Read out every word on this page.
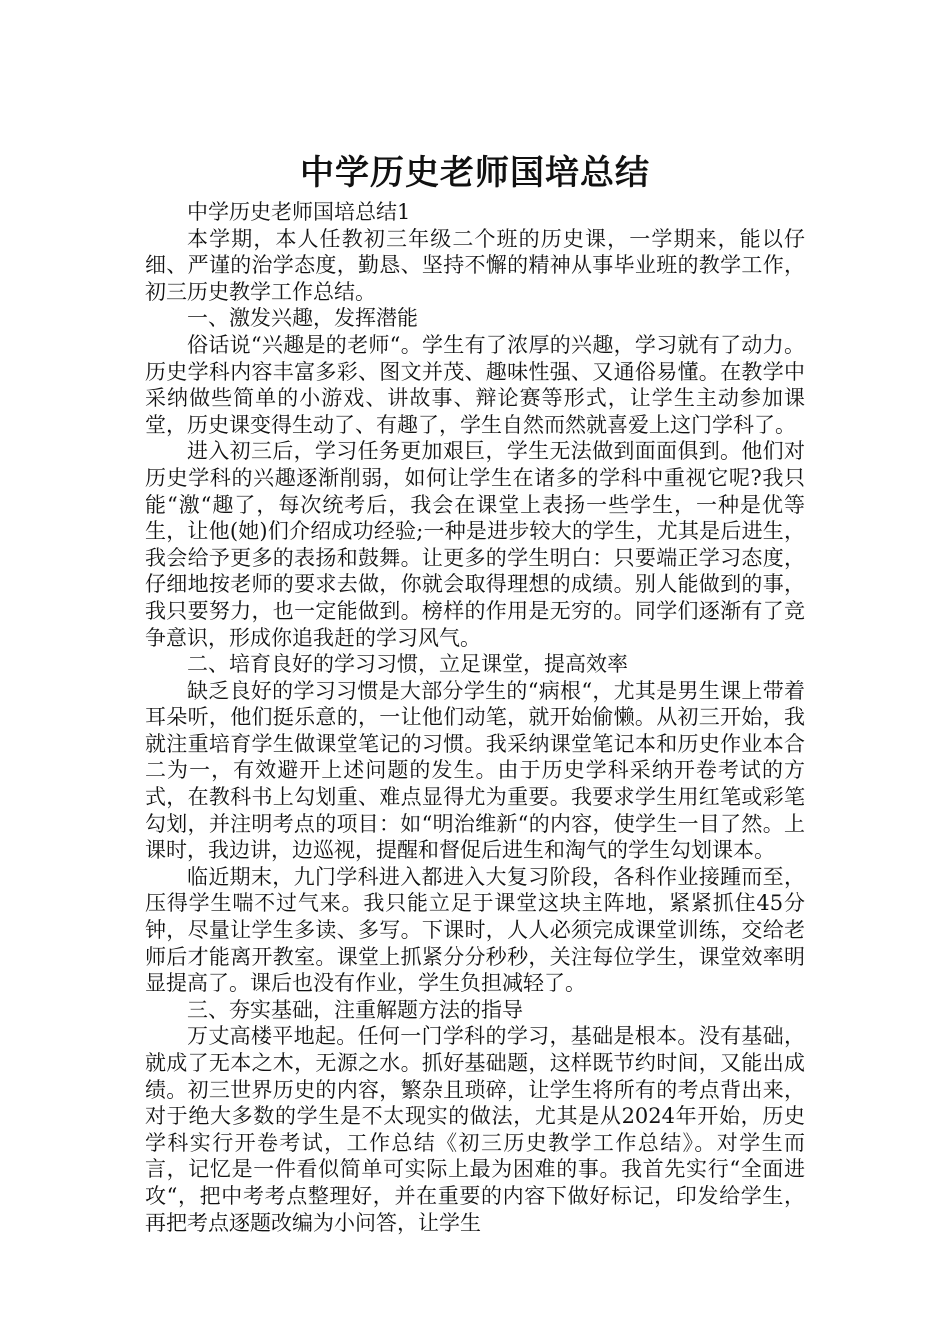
中学历史老师国培总结

中学历史老师国培总结1

本学期，本人任教初三年级二个班的历史课，一学期来，能以仔细、严谨的治学态度，勤恳、坚持不懈的精神从事毕业班的教学工作，初三历史教学工作总结。

一、激发兴趣，发挥潜能

俗话说“兴趣是的老师“。学生有了浓厚的兴趣，学习就有了动力。历史学科内容丰富多彩、图文并茂、趣味性强、又通俗易懂。在教学中采纳做些简单的小游戏、讲故事、辩论赛等形式，让学生主动参加课堂，历史课变得生动了、有趣了，学生自然而然就喜爱上这门学科了。

进入初三后，学习任务更加艰巨，学生无法做到面面俱到。他们对历史学科的兴趣逐渐削弱，如何让学生在诸多的学科中重视它呢?我只能“激“趣了，每次统考后，我会在课堂上表扬一些学生，一种是优等生，让他(她)们介绍成功经验;一种是进步较大的学生，尤其是后进生，我会给予更多的表扬和鼓舞。让更多的学生明白：只要端正学习态度，仔细地按老师的要求去做，你就会取得理想的成绩。别人能做到的事，我只要努力，也一定能做到。榜样的作用是无穷的。同学们逐渐有了竞争意识，形成你追我赶的学习风气。

二、培育良好的学习习惯，立足课堂，提高效率

缺乏良好的学习习惯是大部分学生的“病根“，尤其是男生课上带着耳朵听，他们挺乐意的，一让他们动笔，就开始偷懒。从初三开始，我就注重培育学生做课堂笔记的习惯。我采纳课堂笔记本和历史作业本合二为一，有效避开上述问题的发生。由于历史学科采纳开卷考试的方式，在教科书上勾划重、难点显得尤为重要。我要求学生用红笔或彩笔勾划，并注明考点的项目：如“明治维新“的内容，使学生一目了然。上课时，我边讲，边巡视，提醒和督促后进生和淘气的学生勾划课本。

临近期末，九门学科进入都进入大复习阶段，各科作业接踵而至，压得学生喘不过气来。我只能立足于课堂这块主阵地，紧紧抓住45分钟，尽量让学生多读、多写。下课时，人人必须完成课堂训练，交给老师后才能离开教室。课堂上抓紧分分秒秒，关注每位学生，课堂效率明显提高了。课后也没有作业，学生负担减轻了。

三、夯实基础，注重解题方法的指导

万丈高楼平地起。任何一门学科的学习，基础是根本。没有基础，就成了无本之木，无源之水。抓好基础题，这样既节约时间，又能出成绩。初三世界历史的内容，繁杂且琐碎，让学生将所有的考点背出来，对于绝大多数的学生是不太现实的做法，尤其是从2024年开始，历史学科实行开卷考试，工作总结《初三历史教学工作总结》。对学生而言，记忆是一件看似简单可实际上最为困难的事。我首先实行“全面进攻“，把中考考点整理好，并在重要的内容下做好标记，印发给学生，再把考点逐题改编为小问答，让学生
